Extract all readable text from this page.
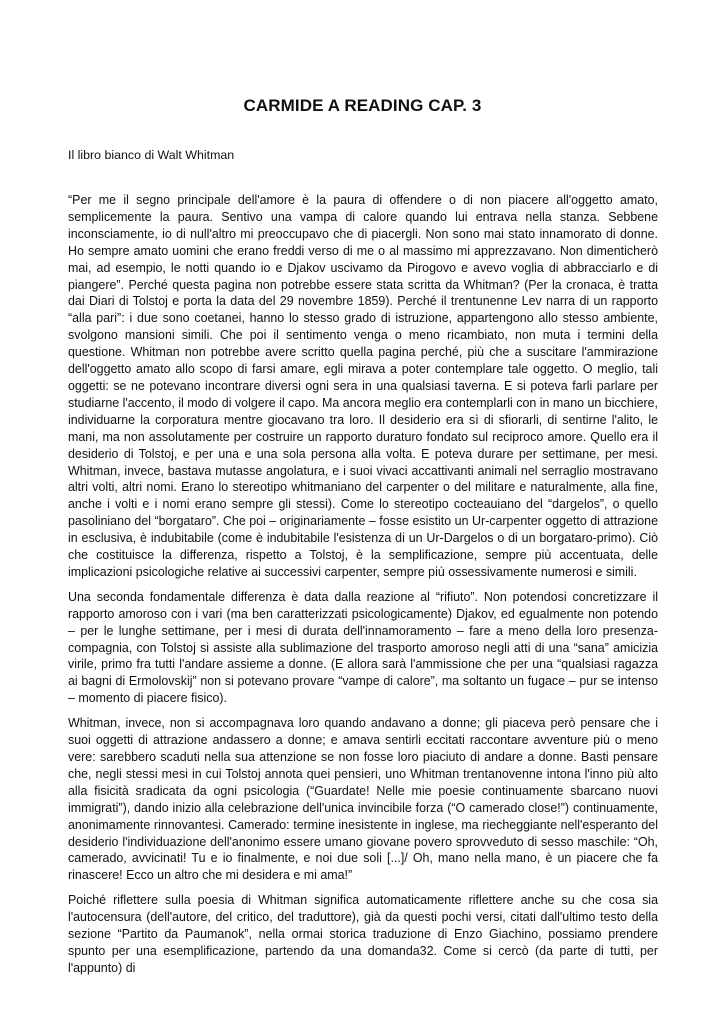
CARMIDE A READING CAP. 3
Il libro bianco di Walt Whitman

“Per me il segno principale dell'amore è la paura di offendere o di non piacere all'oggetto amato, semplicemente la paura. Sentivo una vampa di calore quando lui entrava nella stanza. Sebbene inconsciamente, io di null'altro mi preoccupavo che di piacergli. Non sono mai stato innamorato di donne. Ho sempre amato uomini che erano freddi verso di me o al massimo mi apprezzavano. Non dimenticherò mai, ad esempio, le notti quando io e Djakov uscivamo da Pirogovo e avevo voglia di abbracciarlo e di piangere”. Perché questa pagina non potrebbe essere stata scritta da Whitman? (Per la cronaca, è tratta dai Diari di Tolstoj e porta la data del 29 novembre 1859). Perché il trentunenne Lev narra di un rapporto “alla pari”: i due sono coetanei, hanno lo stesso grado di istruzione, appartengono allo stesso ambiente, svolgono mansioni simili. Che poi il sentimento venga o meno ricambiato, non muta i termini della questione. Whitman non potrebbe avere scritto quella pagina perché, più che a suscitare l'ammirazione dell'oggetto amato allo scopo di farsi amare, egli mirava a poter contemplare tale oggetto. O meglio, tali oggetti: se ne potevano incontrare diversi ogni sera in una qualsiasi taverna. E si poteva farli parlare per studiarne l'accento, il modo di volgere il capo. Ma ancora meglio era contemplarli con in mano un bicchiere, individuarne la corporatura mentre giocavano tra loro. Il desiderio era sì di sfiorarli, di sentirne l'alito, le mani, ma non assolutamente per costruire un rapporto duraturo fondato sul reciproco amore. Quello era il desiderio di Tolstoj, e per una e una sola persona alla volta. E poteva durare per settimane, per mesi. Whitman, invece, bastava mutasse angolatura, e i suoi vivaci accattivanti animali nel serraglio mostravano altri volti, altri nomi. Erano lo stereotipo whitmaniano del carpenter o del militare e naturalmente, alla fine, anche i volti e i nomi erano sempre gli stessi). Come lo stereotipo cocteauiano del “dargelos”, o quello pasoliniano del “borgataro”. Che poi – originariamente – fosse esistito un Ur-carpenter oggetto di attrazione in esclusiva, è indubitabile (come è indubitabile l'esistenza di un Ur-Dargelos o di un borgataro-primo). Ciò che costituisce la differenza, rispetto a Tolstoj, è la semplificazione, sempre più accentuata, delle implicazioni psicologiche relative ai successivi carpenter, sempre più ossessivamente numerosi e simili.

Una seconda fondamentale differenza è data dalla reazione al “rifiuto”. Non potendosi concretizzare il rapporto amoroso con i vari (ma ben caratterizzati psicologicamente) Djakov, ed egualmente non potendo – per le lunghe settimane, per i mesi di durata dell'innamoramento – fare a meno della loro presenza-compagnia, con Tolstoj si assiste alla sublimazione del trasporto amoroso negli atti di una “sana” amicizia virile, primo fra tutti l'andare assieme a donne. (E allora sarà l'ammissione che per una “qualsiasi ragazza ai bagni di Ermolovskij” non si potevano provare “vampe di calore”, ma soltanto un fugace – pur se intenso – momento di piacere fisico).

Whitman, invece, non si accompagnava loro quando andavano a donne; gli piaceva però pensare che i suoi oggetti di attrazione andassero a donne; e amava sentirli eccitati raccontare avventure più o meno vere: sarebbero scaduti nella sua attenzione se non fosse loro piaciuto di andare a donne. Basti pensare che, negli stessi mesi in cui Tolstoj annota quei pensieri, uno Whitman trentanovenne intona l'inno più alto alla fisicità sradicata da ogni psicologia (“Guardate! Nelle mie poesie continuamente sbarcano nuovi immigrati”), dando inizio alla celebrazione dell'unica invincibile forza (“O camerado close!”) continuamente, anonimamente rinnovantesi. Camerado: termine inesistente in inglese, ma riecheggiante nell'esperanto del desiderio l'individuazione dell'anonimo essere umano giovane povero sprovveduto di sesso maschile: “Oh, camerado, avvicinati! Tu e io finalmente, e noi due soli [...]/ Oh, mano nella mano, è un piacere che fa rinascere! Ecco un altro che mi desidera e mi ama!”

Poiché riflettere sulla poesia di Whitman significa automaticamente riflettere anche su che cosa sia l'autocensura (dell'autore, del critico, del traduttore), già da questi pochi versi, citati dall'ultimo testo della sezione “Partito da Paumanok”, nella ormai storica traduzione di Enzo Giachino, possiamo prendere spunto per una esemplificazione, partendo da una domanda32. Come si cercò (da parte di tutti, per l'appunto) di
